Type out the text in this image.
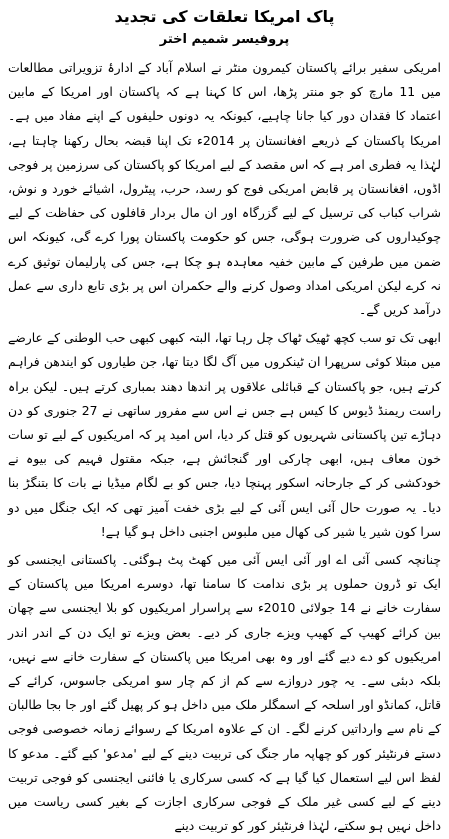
پاک امریکا تعلقات کی تجدید
پروفیسر شمیم اختر

امریکی سفیر برائے پاکستان کیمرون منٹر نے اسلام آباد کے ادارۂ تزویراتی مطالعات میں 11 مارچ کو جو منتر پڑھا، اس کا کہنا ہے کہ پاکستان اور امریکا کے مابین اعتماد کا فقدان دور کیا جانا چاہیے، کیونکہ یہ دونوں حلیفوں کے اپنے مفاد میں ہے۔ امریکا پاکستان کے ذریعے افغانستان پر 2014ء تک اپنا قبضہ بحال رکھنا چاہتا ہے، لہٰذا یہ فطری امر ہے کہ اس مقصد کے لیے امریکا کو پاکستان کی سرزمین پر فوجی اڈوں، افغانستان پر قابض امریکی فوج کو رسد، حرب، پیٹرول، اشیائے خورد و نوش، شراب کباب کی ترسیل کے لیے گزرگاہ اور ان مال بردار قافلوں کی حفاظت کے لیے چوکیداروں کی ضرورت ہوگی، جس کو حکومت پاکستان پورا کرے گی، کیونکہ اس ضمن میں طرفین کے مابین خفیہ معاہدہ ہو چکا ہے، جس کی پارلیمان توثیق کرے نہ کرے لیکن امریکی امداد وصول کرنے والے حکمران اس پر بڑی تابع داری سے عمل درآمد کریں گے۔

ابھی تک تو سب کچھ ٹھیک ٹھاک چل رہا تھا، البتہ کبھی کبھی حب الوطنی کے عارضے میں مبتلا کوئی سرپھرا ان ٹینکروں میں آگ لگا دیتا تھا، جن طیاروں کو ایندھن فراہم کرتے ہیں، جو پاکستان کے قبائلی علاقوں پر اندھا دھند بمباری کرتے ہیں۔ لیکن براہ راست ریمنڈ ڈیوس کا کیس ہے جس نے اس سے مفرور ساتھی نے 27 جنوری کو دن دہاڑے تین پاکستانی شہریوں کو قتل کر دیا، اس امید پر کہ امریکیوں کے لیے تو سات خون معاف ہیں، ابھی چارکی اور گنجائش ہے، جبکہ مقتول فہیم کی بیوہ نے خودکشی کر کے جارحانہ اسکور پہنچا دیا، جس کو بے لگام میڈیا نے بات کا بتنگڑ بنا دیا۔ یہ صورت حال آئی ایس آئی کے لیے بڑی خفت آمیز تھی کہ ایک جنگل میں دو سرا کون شیر یا شیر کی کھال میں ملبوس اجنبی داخل ہو گیا ہے!

چنانچہ کسی آئی اے اور آئی ایس آئی میں کھٹ پٹ ہوگئی۔ پاکستانی ایجنسی کو ایک تو ڈرون حملوں پر بڑی ندامت کا سامنا تھا، دوسرے امریکا میں پاکستان کے سفارت خانے نے 14 جولائی 2010ء سے پراسرار امریکیوں کو بلا ایجنسی سے چھان بین کرائے کھیپ کے کھیپ ویزے جاری کر دیے۔ بعض ویزے تو ایک دن کے اندر اندر امریکیوں کو دے دیے گئے اور وہ بھی امریکا میں پاکستان کے سفارت خانے سے نہیں، بلکہ دبئی سے۔ یہ چور دروازے سے کم از کم چار سو امریکی جاسوس، کرائے کے قاتل، کمانڈو اور اسلحہ کے اسمگلر ملک میں داخل ہو کر پھیل گئے اور جا بجا طالبان کے نام سے وارداتیں کرنے لگے۔ ان کے علاوہ امریکا کے رسوائے زمانہ خصوصی فوجی دستے فرنٹیئر کور کو چھاپہ مار جنگ کی تربیت دینے کے لیے 'مدعو' کیے گئے۔ مدعو کا لفظ اس لیے استعمال کیا گیا ہے کہ کسی سرکاری یا فائنی ایجنسی کو فوجی تربیت دینے کے لیے کسی غیر ملک کے فوجی سرکاری اجازت کے بغیر کسی ریاست میں داخل نہیں ہو سکتے، لہٰذا فرنٹیئر کور کو تربیت دینے
